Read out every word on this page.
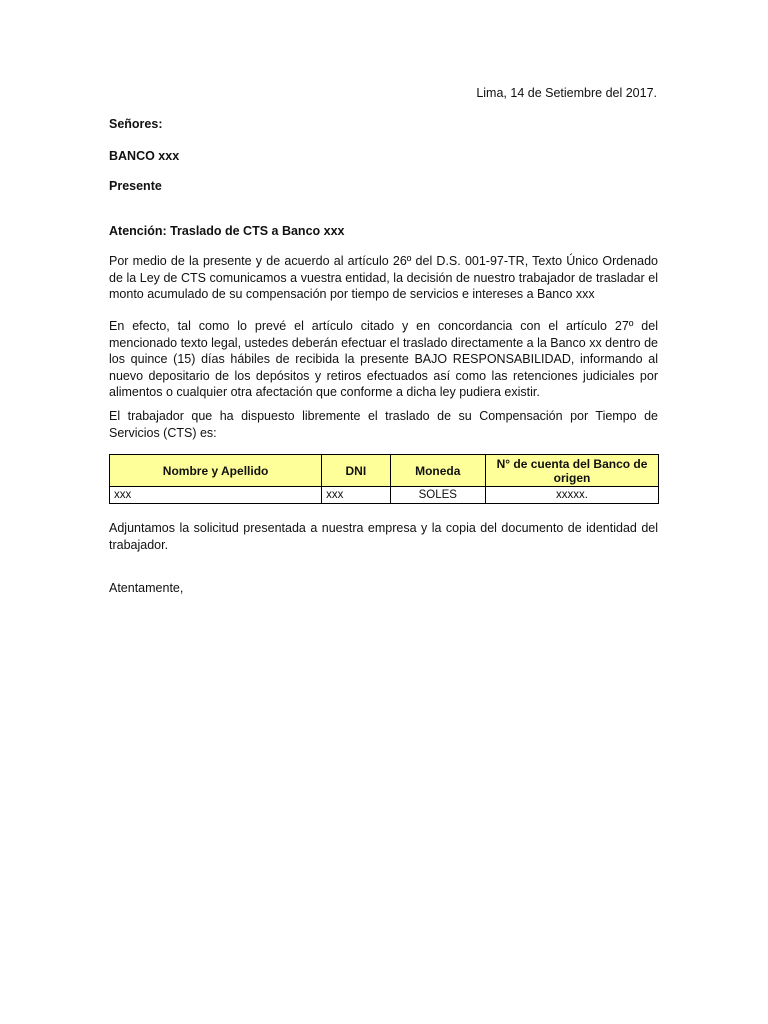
Lima, 14 de Setiembre del 2017.
Señores:
BANCO xxx
Presente
Atención: Traslado de CTS a Banco xxx

Por medio de la presente y de acuerdo al artículo 26º del D.S. 001-97-TR, Texto Único Ordenado de la Ley de CTS comunicamos a vuestra entidad, la decisión de nuestro trabajador de trasladar el monto acumulado de su compensación por tiempo de servicios e intereses a Banco xxx

En efecto, tal como lo prevé el artículo citado y en concordancia con el artículo 27º del mencionado texto legal, ustedes deberán efectuar el traslado directamente a la Banco xx dentro de los quince (15) días hábiles de recibida la presente BAJO RESPONSABILIDAD, informando al nuevo depositario de los depósitos y retiros efectuados así como las retenciones judiciales por alimentos o cualquier otra afectación que conforme a dicha ley pudiera existir.

El trabajador que ha dispuesto libremente el traslado de su Compensación por Tiempo de Servicios (CTS) es:

Nombre y Apellido	DNI	Moneda	N° de cuenta del Banco de origen
xxx	xxx	SOLES	xxxxx.

Adjuntamos la solicitud presentada a nuestra empresa y la copia del documento de identidad del trabajador.

Atentamente,
